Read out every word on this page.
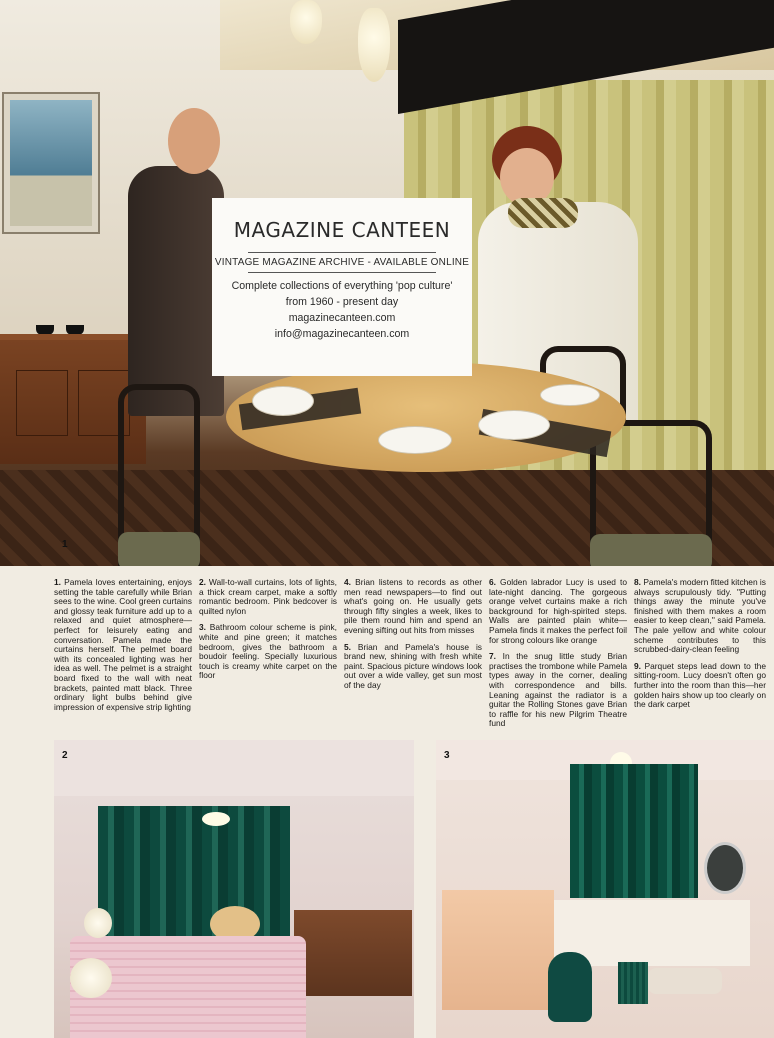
1
MAGAZINE CANTEEN
VINTAGE MAGAZINE ARCHIVE - AVAILABLE ONLINE
Complete collections of everything 'pop culture'
from 1960 - present day
magazinecanteen.com
info@magazinecanteen.com

1. Pamela loves entertaining, enjoys setting the table carefully while Brian sees to the wine. Cool green curtains and glossy teak furniture add up to a relaxed and quiet atmosphere—perfect for leisurely eating and conversation. Pamela made the curtains herself. The pelmet board with its concealed lighting was her idea as well. The pelmet is a straight board fixed to the wall with neat brackets, painted matt black. Three ordinary light bulbs behind give impression of expensive strip lighting

2. Wall-to-wall curtains, lots of lights, a thick cream carpet, make a softly romantic bedroom. Pink bedcover is quilted nylon

3. Bathroom colour scheme is pink, white and pine green; it matches bedroom, gives the bathroom a boudoir feeling. Specially luxurious touch is creamy white carpet on the floor

4. Brian listens to records as other men read newspapers—to find out what's going on. He usually gets through fifty singles a week, likes to pile them round him and spend an evening sifting out hits from misses

5. Brian and Pamela's house is brand new, shining with fresh white paint. Spacious picture windows look out over a wide valley, get sun most of the day

6. Golden labrador Lucy is used to late-night dancing. The gorgeous orange velvet curtains make a rich background for high-spirited steps. Walls are painted plain white—Pamela finds it makes the perfect foil for strong colours like orange

7. In the snug little study Brian practises the trombone while Pamela types away in the corner, dealing with correspondence and bills. Leaning against the radiator is a guitar the Rolling Stones gave Brian to raffle for his new Pilgrim Theatre fund

8. Pamela's modern fitted kitchen is always scrupulously tidy. "Putting things away the minute you've finished with them makes a room easier to keep clean," said Pamela. The pale yellow and white colour scheme contributes to this scrubbed-dairy-clean feeling

9. Parquet steps lead down to the sitting-room. Lucy doesn't often go further into the room than this—her golden hairs show up too clearly on the dark carpet

2	3
